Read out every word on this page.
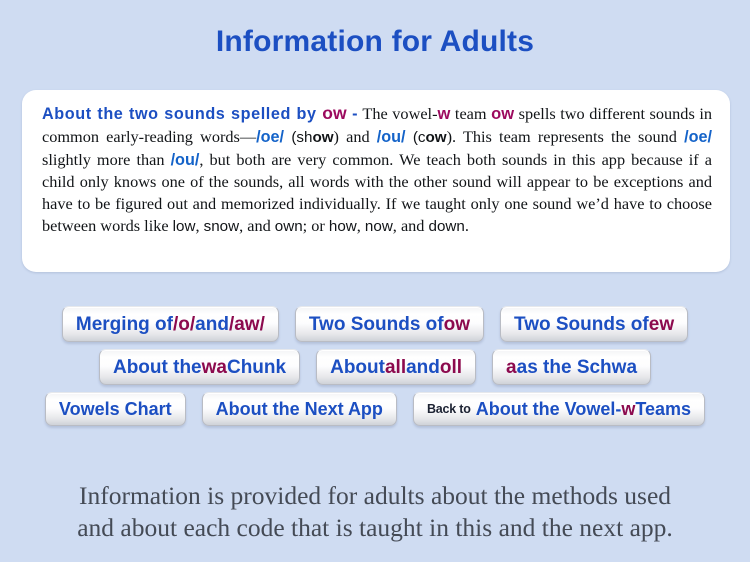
Information for Adults

About the two sounds spelled by ow - The vowel-w team ow spells two different sounds in common early-reading words—/oe/ (show) and /ou/ (cow). This team represents the sound /oe/ slightly more than /ou/, but both are very common. We teach both sounds in this app because if a child only knows one of the sounds, all words with the other sound will appear to be exceptions and have to be figured out and memorized individually. If we taught only one sound we’d have to choose between words like low, snow, and own; or how, now, and down.

Merging of /o/ and /aw/ Two Sounds of ow Two Sounds of ew
About the wa Chunk About all and oll a as the Schwa
Vowels Chart About the Next App	Back to About the Vowel- w Teams
Information is provided for adults about the methods used
and about each code that is taught in this and the next app.
